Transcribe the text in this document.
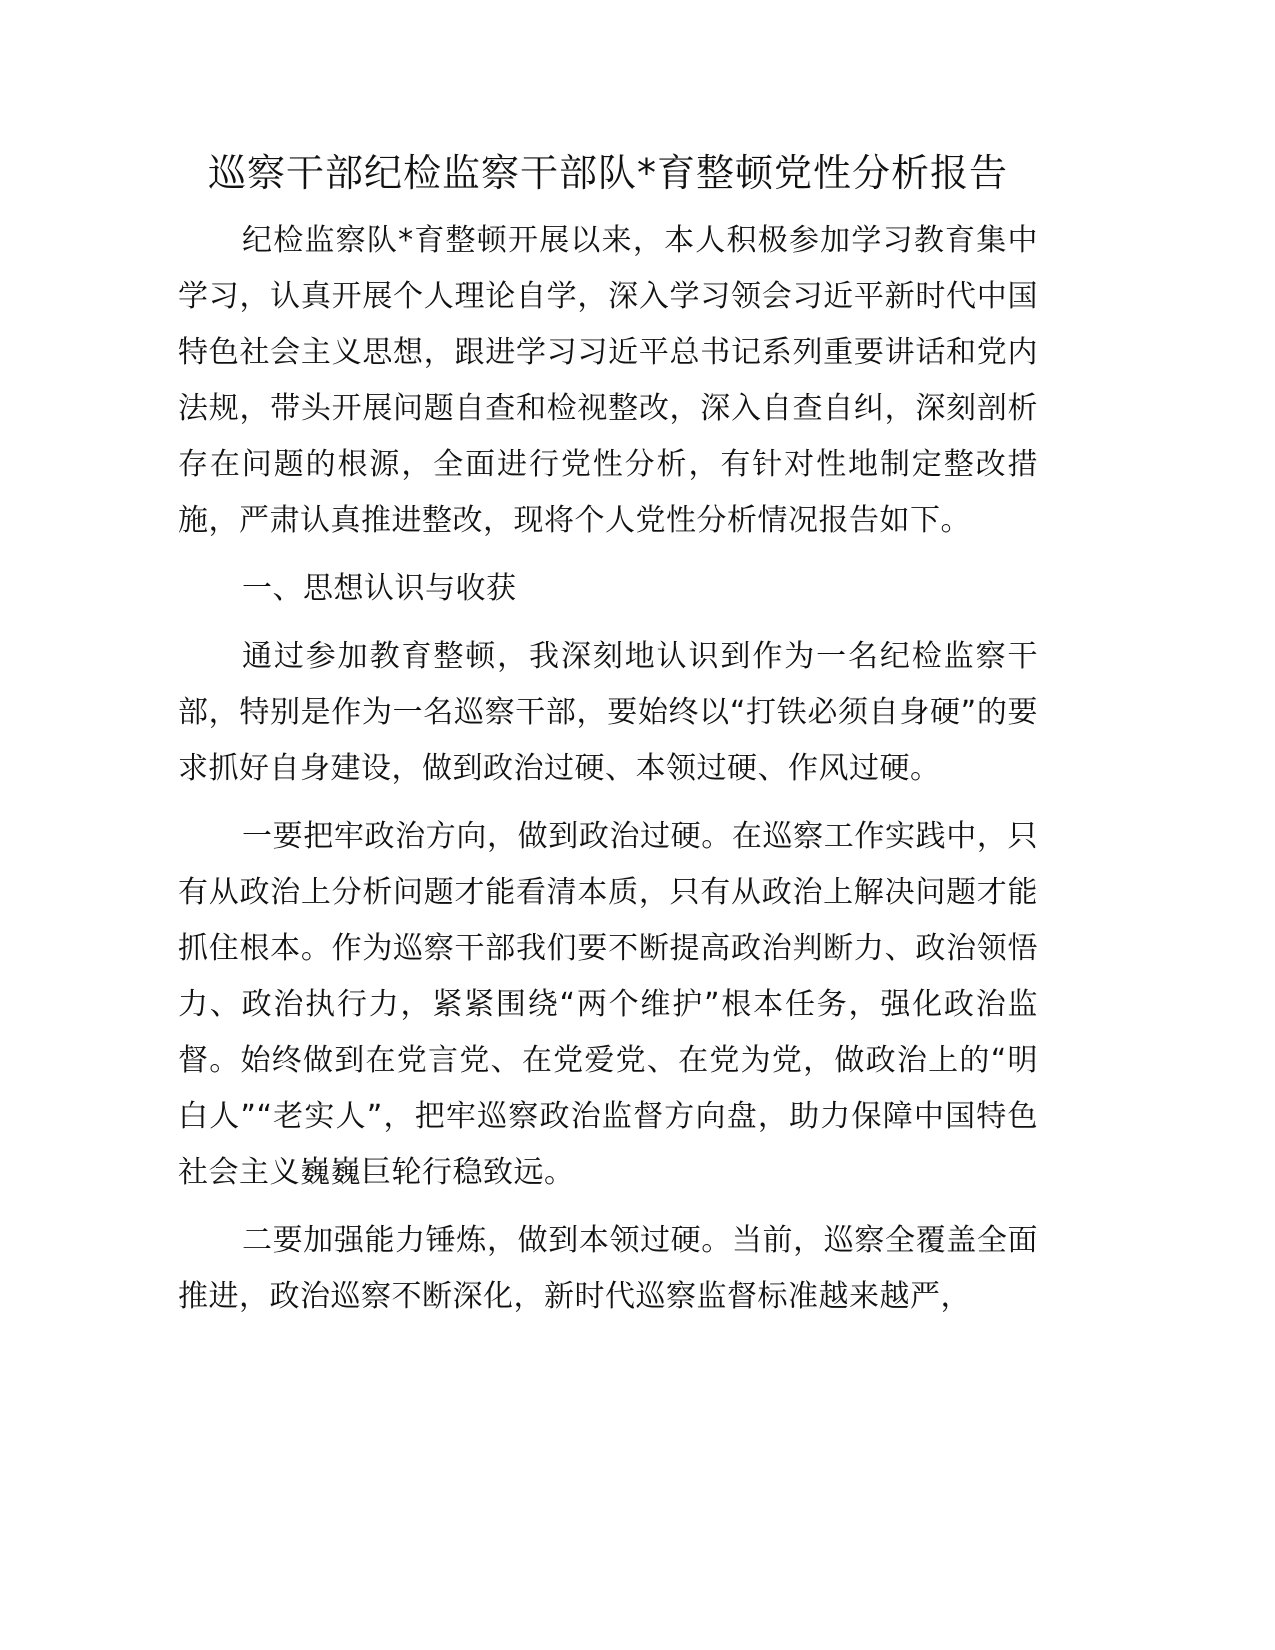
巡察干部纪检监察干部队*育整顿党性分析报告

纪检监察队*育整顿开展以来，本人积极参加学习教育集中学习，认真开展个人理论自学，深入学习领会习近平新时代中国特色社会主义思想，跟进学习习近平总书记系列重要讲话和党内法规，带头开展问题自查和检视整改，深入自查自纠，深刻剖析存在问题的根源，全面进行党性分析，有针对性地制定整改措施，严肃认真推进整改，现将个人党性分析情况报告如下。

一、思想认识与收获

通过参加教育整顿，我深刻地认识到作为一名纪检监察干部，特别是作为一名巡察干部，要始终以“打铁必须自身硬”的要求抓好自身建设，做到政治过硬、本领过硬、作风过硬。

一要把牢政治方向，做到政治过硬。在巡察工作实践中，只有从政治上分析问题才能看清本质，只有从政治上解决问题才能抓住根本。作为巡察干部我们要不断提高政治判断力、政治领悟力、政治执行力，紧紧围绕“两个维护”根本任务，强化政治监督。始终做到在党言党、在党爱党、在党为党，做政治上的“明白人”“老实人”，把牢巡察政治监督方向盘，助力保障中国特色社会主义巍巍巨轮行稳致远。

二要加强能力锤炼，做到本领过硬。当前，巡察全覆盖全面推进，政治巡察不断深化，新时代巡察监督标准越来越严，
